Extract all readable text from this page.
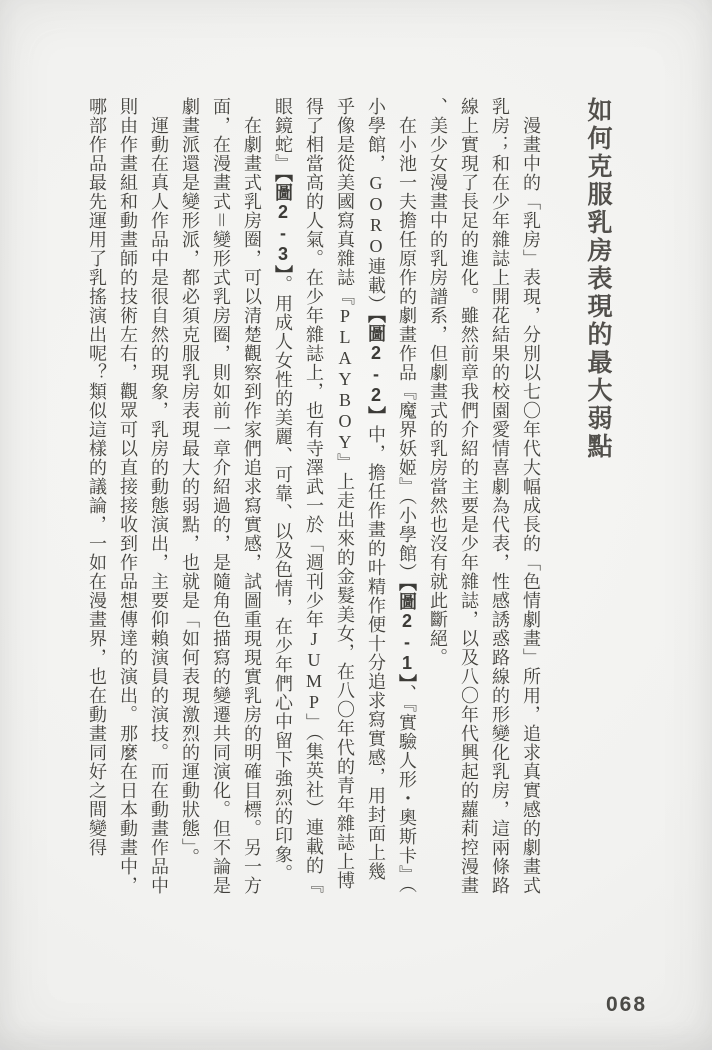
如何克服乳房表現的最大弱點

漫畫中的「乳房」表現，分別以七〇年代大幅成長的「色情劇畫」所用，追求真實感的劇畫式乳房；和在少年雜誌上開花結果的校園愛情喜劇為代表，性感誘惑路線的形變化乳房，這兩條路線上實現了長足的進化。雖然前章我們介紹的主要是少年雜誌，以及八〇年代興起的蘿莉控漫畫、美少女漫畫中的乳房譜系，但劇畫式的乳房當然也沒有就此斷絕。

在小池一夫擔任原作的劇畫作品『魔界妖姬』（小學館）【圖2-1】、『實驗人形・奧斯卡』（小學館，GORO連載）【圖2-2】中，擔任作畫的叶精作便十分追求寫實感，用封面上幾乎像是從美國寫真雜誌『PLAYBOY』上走出來的金髮美女，在八〇年代的青年雜誌上博得了相當高的人氣。在少年雜誌上，也有寺澤武一於「週刊少年JUMP」（集英社）連載的『眼鏡蛇』【圖2-3】。用成人女性的美麗、可靠、以及色情，在少年們心中留下強烈的印象。

在劇畫式乳房圈，可以清楚觀察到作家們追求寫實感，試圖重現現實乳房的明確目標。另一方面，在漫畫式＝變形式乳房圈，則如前一章介紹過的，是隨角色描寫的變遷共同演化。但不論是劇畫派還是變形派，都必須克服乳房表現最大的弱點，也就是「如何表現激烈的運動狀態」。

運動在真人作品中是很自然的現象，乳房的動態演出，主要仰賴演員的演技。而在動畫作品中則由作畫組和動畫師的技術左右，觀眾可以直接接收到作品想傳達的演出。那麼在日本動畫中，哪部作品最先運用了乳搖演出呢？類似這樣的議論，一如在漫畫界，也在動畫同好之間變得

068
